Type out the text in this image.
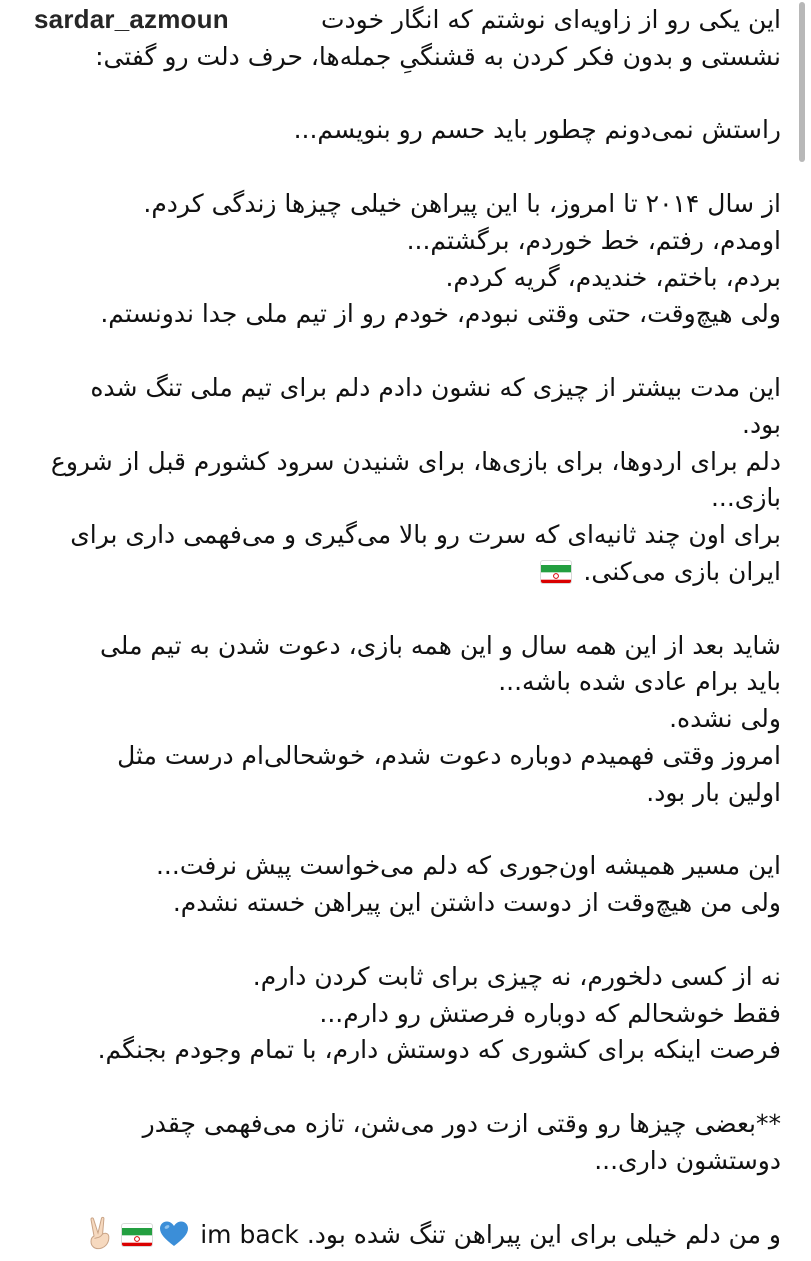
sardar_azmoun	این یکی رو از زاویه‌ای نوشتم که انگار خودت
نشستی و بدون فکر کردن به قشنگیِ جمله‌ها، حرف دلت رو گفتی:
راستش نمی‌دونم چطور باید حسم رو بنویسم...
از سال ۲۰۱۴ تا امروز، با این پیراهن خیلی چیزها زندگی کردم.
اومدم، رفتم، خط خوردم، برگشتم...
بردم، باختم، خندیدم، گریه کردم.
ولی هیچ‌وقت، حتی وقتی نبودم، خودم رو از تیم ملی جدا ندونستم.
این مدت بیشتر از چیزی که نشون دادم دلم برای تیم ملی تنگ شده
بود.
دلم برای اردوها، برای بازی‌ها، برای شنیدن سرود کشورم قبل از شروع
بازی...
برای اون چند ثانیه‌ای که سرت رو بالا می‌گیری و می‌فهمی داری برای
ایران بازی می‌کنی.
شاید بعد از این همه سال و این همه بازی، دعوت شدن به تیم ملی
باید برام عادی شده باشه...
ولی نشده.
امروز وقتی فهمیدم دوباره دعوت شدم، خوشحالی‌ام درست مثل
اولین بار بود.
این مسیر همیشه اون‌جوری که دلم می‌خواست پیش نرفت...
ولی من هیچ‌وقت از دوست داشتن این پیراهن خسته نشدم.
نه از کسی دلخورم، نه چیزی برای ثابت کردن دارم.
فقط خوشحالم که دوباره فرصتش رو دارم...
فرصت اینکه برای کشوری که دوستش دارم، با تمام وجودم بجنگم.
**بعضی چیزها رو وقتی ازت دور می‌شن، تازه می‌فهمی چقدر
دوستشون داری...
و من دلم خیلی برای این پیراهن تنگ شده بود. im back
